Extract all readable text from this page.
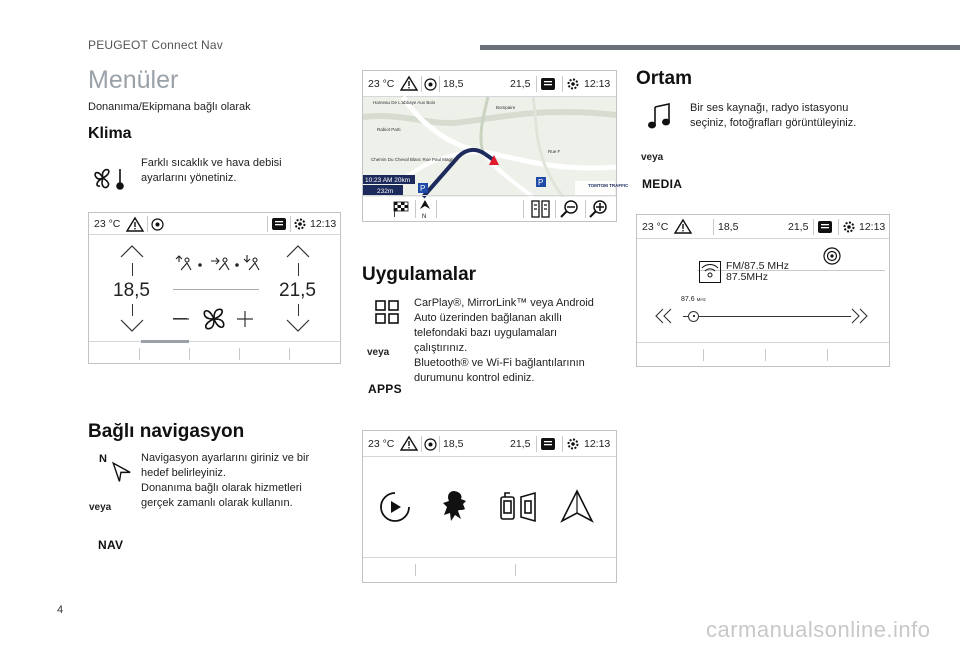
PEUGEOT Connect Nav
Menüler
Donanıma/Ekipmana bağlı olarak
Klima
Farklı sıcaklık ve hava debisi
ayarlarını yönetiniz.
23 °C	12:13
18,5	21,5
Bağlı navigasyon
N	Navigasyon ayarlarını giriniz ve bir
hedef belirleyiniz.
Donanıma bağlı olarak hizmetleri
gerçek zamanlı olarak kullanın.
veya
NAV
23 °C	18,5	21,5	12:13
P
P
Hameau De L'abbaye Aux Bois
Bompaire
Rabiot Parti
Chemin Du Cheval Blanc Rue Paul Magnet
Rue F
10:23 AM 20km
232m
TOMTOM TRAFFIC
N
Uygulamalar
CarPlay®, MirrorLink™ veya Android
Auto üzerinden bağlanan akıllı
telefondaki bazı uygulamaları
çalıştırınız.
Bluetooth® ve Wi-Fi bağlantılarının
durumunu kontrol ediniz.
veya
APPS
23 °C	18,5	21,5	12:13
Ortam
Bir ses kaynağı, radyo istasyonu
seçiniz, fotoğrafları görüntüleyiniz.
veya
MEDIA
23 °C	18,5	21,5	12:13
FM/87.5 MHz
87.5MHz
87.6 MHz
4
carmanualsonline.info
